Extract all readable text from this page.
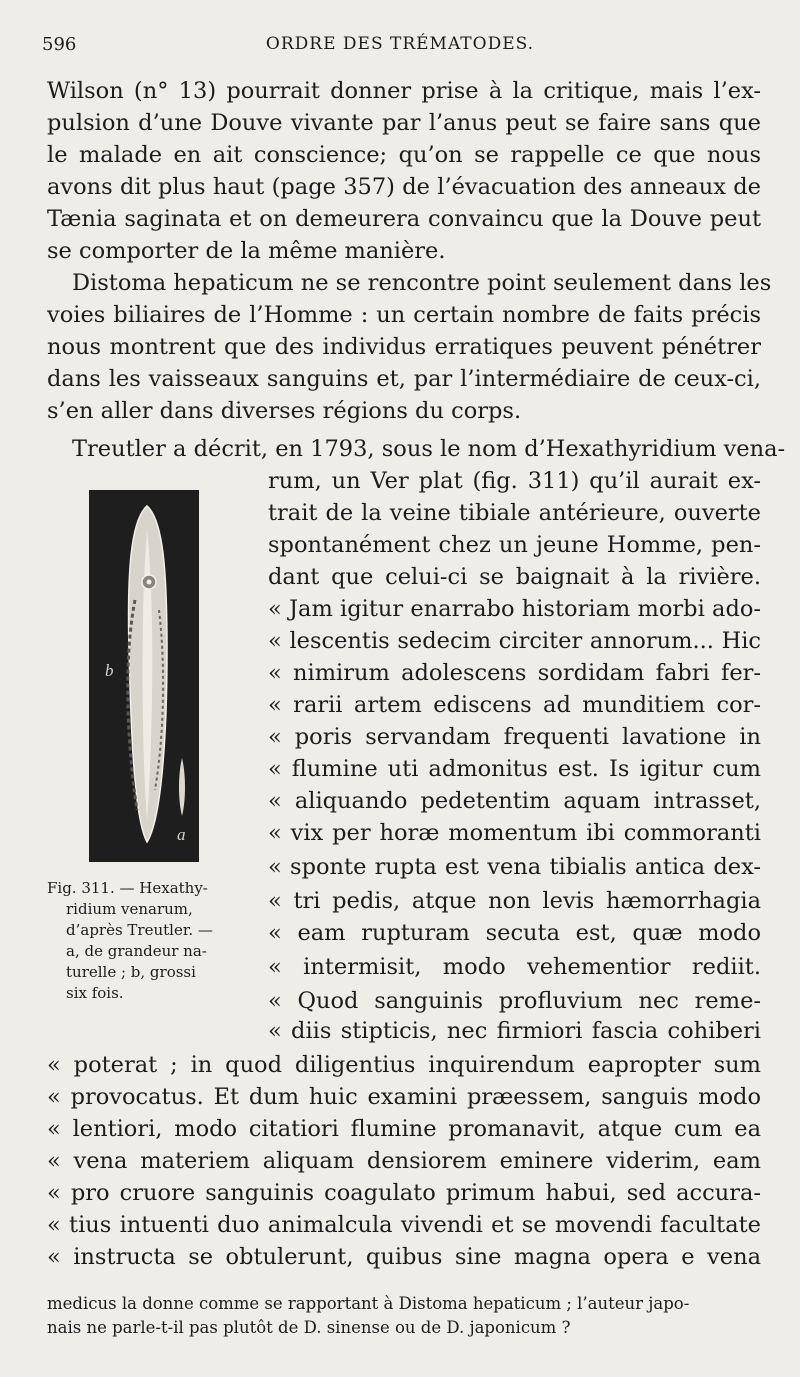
596	ORDRE DES TRÉMATODES.
Wilson (n° 13) pourrait donner prise à la critique, mais l’ex-
pulsion d’une Douve vivante par l’anus peut se faire sans que
le malade en ait conscience; qu’on se rappelle ce que nous
avons dit plus haut (page 357) de l’évacuation des anneaux de
Tænia saginata et on demeurera convaincu que la Douve peut
se comporter de la même manière.
Distoma hepaticum ne se rencontre point seulement dans les
voies biliaires de l’Homme : un certain nombre de faits précis
nous montrent que des individus erratiques peuvent pénétrer
dans les vaisseaux sanguins et, par l’intermédiaire de ceux-ci,
s’en aller dans diverses régions du corps.
Treutler a décrit, en 1793, sous le nom d’Hexathyridium vena-
b
a
Fig. 311. — Hexathy-
ridium venarum,
d’après Treutler. —
a, de grandeur na-
turelle ; b, grossi
six fois.
rum, un Ver plat (fig. 311) qu’il aurait ex-
trait de la veine tibiale antérieure, ouverte
spontanément chez un jeune Homme, pen-
dant que celui-ci se baignait à la rivière.
« Jam igitur enarrabo historiam morbi ado-
« lescentis sedecim circiter annorum... Hic
« nimirum adolescens sordidam fabri fer-
« rarii artem ediscens ad munditiem cor-
« poris servandam frequenti lavatione in
« flumine uti admonitus est. Is igitur cum
« aliquando pedetentim aquam intrasset,
« vix per horæ momentum ibi commoranti
« sponte rupta est vena tibialis antica dex-
« tri pedis, atque non levis hæmorrhagia
« eam rupturam secuta est, quæ modo
« intermisit, modo vehementior rediit.
« Quod sanguinis profluvium nec reme-
« diis stipticis, nec firmiori fascia cohiberi
« poterat ; in quod diligentius inquirendum eapropter sum
« provocatus. Et dum huic examini præessem, sanguis modo
« lentiori, modo citatiori flumine promanavit, atque cum ea
« vena materiem aliquam densiorem eminere viderim, eam
« pro cruore sanguinis coagulato primum habui, sed accura-
« tius intuenti duo animalcula vivendi et se movendi facultate
« instructa se obtulerunt, quibus sine magna opera e vena
medicus la donne comme se rapportant à Distoma hepaticum ; l’auteur japo-
nais ne parle-t-il pas plutôt de D. sinense ou de D. japonicum ?
